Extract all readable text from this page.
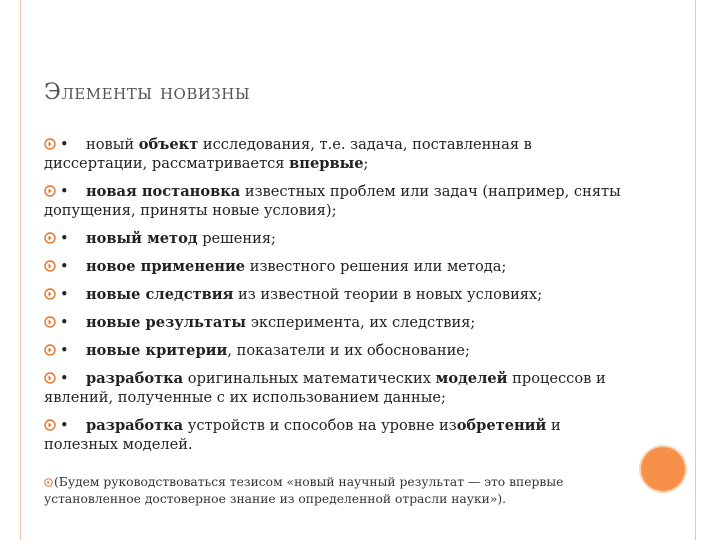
Элементы новизны
• новый объект исследования, т.е. задача, поставленная в диссертации, рассматривается впервые;
• новая постановка известных проблем или задач (например, сняты допущения, приняты новые условия);
• новый метод решения;
• новое применение известного решения или метода;
• новые следствия из известной теории в новых условиях;
• новые результаты эксперимента, их следствия;
• новые критерии, показатели и их обоснование;
• разработка оригинальных математических моделей процессов и явлений, полученные с их использованием данные;
• разработка устройств и способов на уровне изобретений и полезных моделей.
(Будем руководствоваться тезисом «новый научный результат — это впервые установленное достоверное знание из определенной отрасли науки»).
